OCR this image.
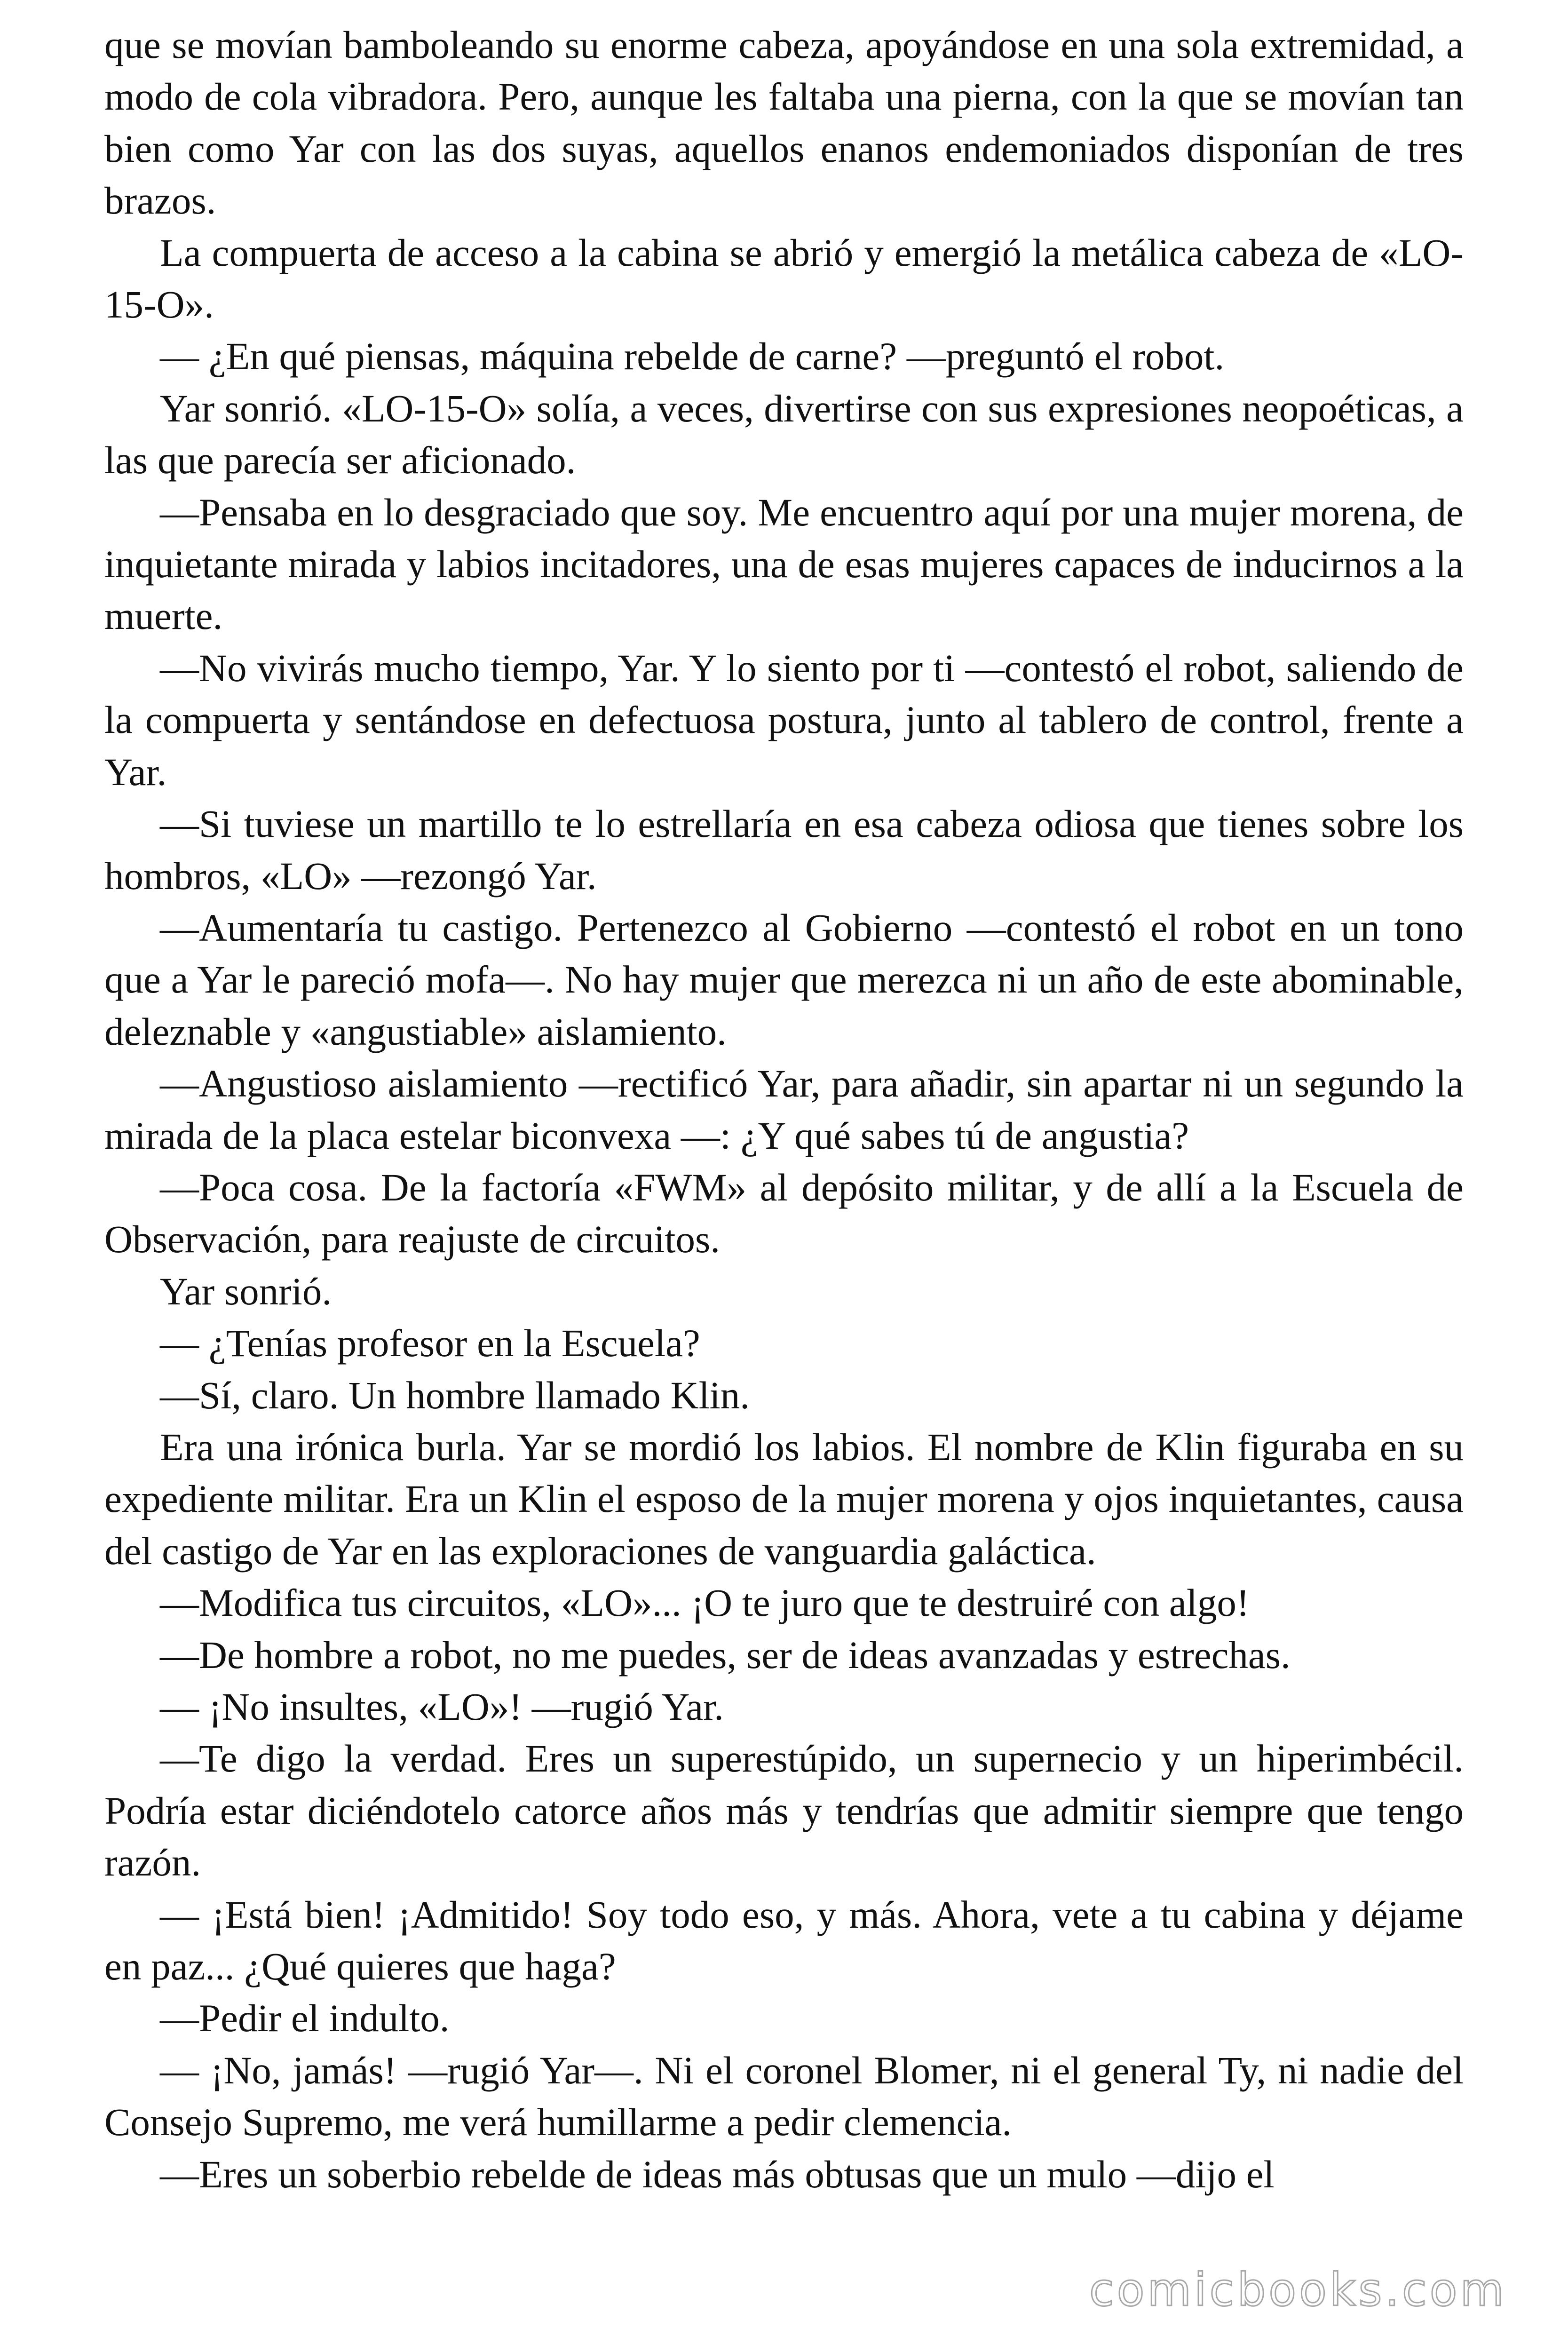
que se movían bamboleando su enorme cabeza, apoyándose en una sola extremidad, a modo de cola vibradora. Pero, aunque les faltaba una pierna, con la que se movían tan bien como Yar con las dos suyas, aquellos enanos endemoniados disponían de tres brazos.

La compuerta de acceso a la cabina se abrió y emergió la metálica cabeza de «LO-15-O».

— ¿En qué piensas, máquina rebelde de carne? —preguntó el robot.

Yar sonrió. «LO-15-O» solía, a veces, divertirse con sus expresiones neopoéticas, a las que parecía ser aficionado.

—Pensaba en lo desgraciado que soy. Me encuentro aquí por una mujer morena, de inquietante mirada y labios incitadores, una de esas mujeres capaces de inducirnos a la muerte.

—No vivirás mucho tiempo, Yar. Y lo siento por ti —contestó el robot, saliendo de la compuerta y sentándose en defectuosa postura, junto al tablero de control, frente a Yar.

—Si tuviese un martillo te lo estrellaría en esa cabeza odiosa que tienes sobre los hombros, «LO» —rezongó Yar.

—Aumentaría tu castigo. Pertenezco al Gobierno —contestó el robot en un tono que a Yar le pareció mofa—. No hay mujer que merezca ni un año de este abominable, deleznable y «angustiable» aislamiento.

—Angustioso aislamiento —rectificó Yar, para añadir, sin apartar ni un segundo la mirada de la placa estelar biconvexa —: ¿Y qué sabes tú de angustia?

—Poca cosa. De la factoría «FWM» al depósito militar, y de allí a la Escuela de Observación, para reajuste de circuitos.

Yar sonrió.

— ¿Tenías profesor en la Escuela?

—Sí, claro. Un hombre llamado Klin.

Era una irónica burla. Yar se mordió los labios. El nombre de Klin figuraba en su expediente militar. Era un Klin el esposo de la mujer morena y ojos inquietantes, causa del castigo de Yar en las exploraciones de vanguardia galáctica.

—Modifica tus circuitos, «LO»... ¡O te juro que te destruiré con algo!

—De hombre a robot, no me puedes, ser de ideas avanzadas y estrechas.

— ¡No insultes, «LO»! —rugió Yar.

—Te digo la verdad. Eres un superestúpido, un supernecio y un hiperimbécil. Podría estar diciéndotelo catorce años más y tendrías que admitir siempre que tengo razón.

— ¡Está bien! ¡Admitido! Soy todo eso, y más. Ahora, vete a tu cabina y déjame en paz... ¿Qué quieres que haga?

—Pedir el indulto.

— ¡No, jamás! —rugió Yar—. Ni el coronel Blomer, ni el general Ty, ni nadie del Consejo Supremo, me verá humillarme a pedir clemencia.

—Eres un soberbio rebelde de ideas más obtusas que un mulo —dijo el

comicbooks.com
